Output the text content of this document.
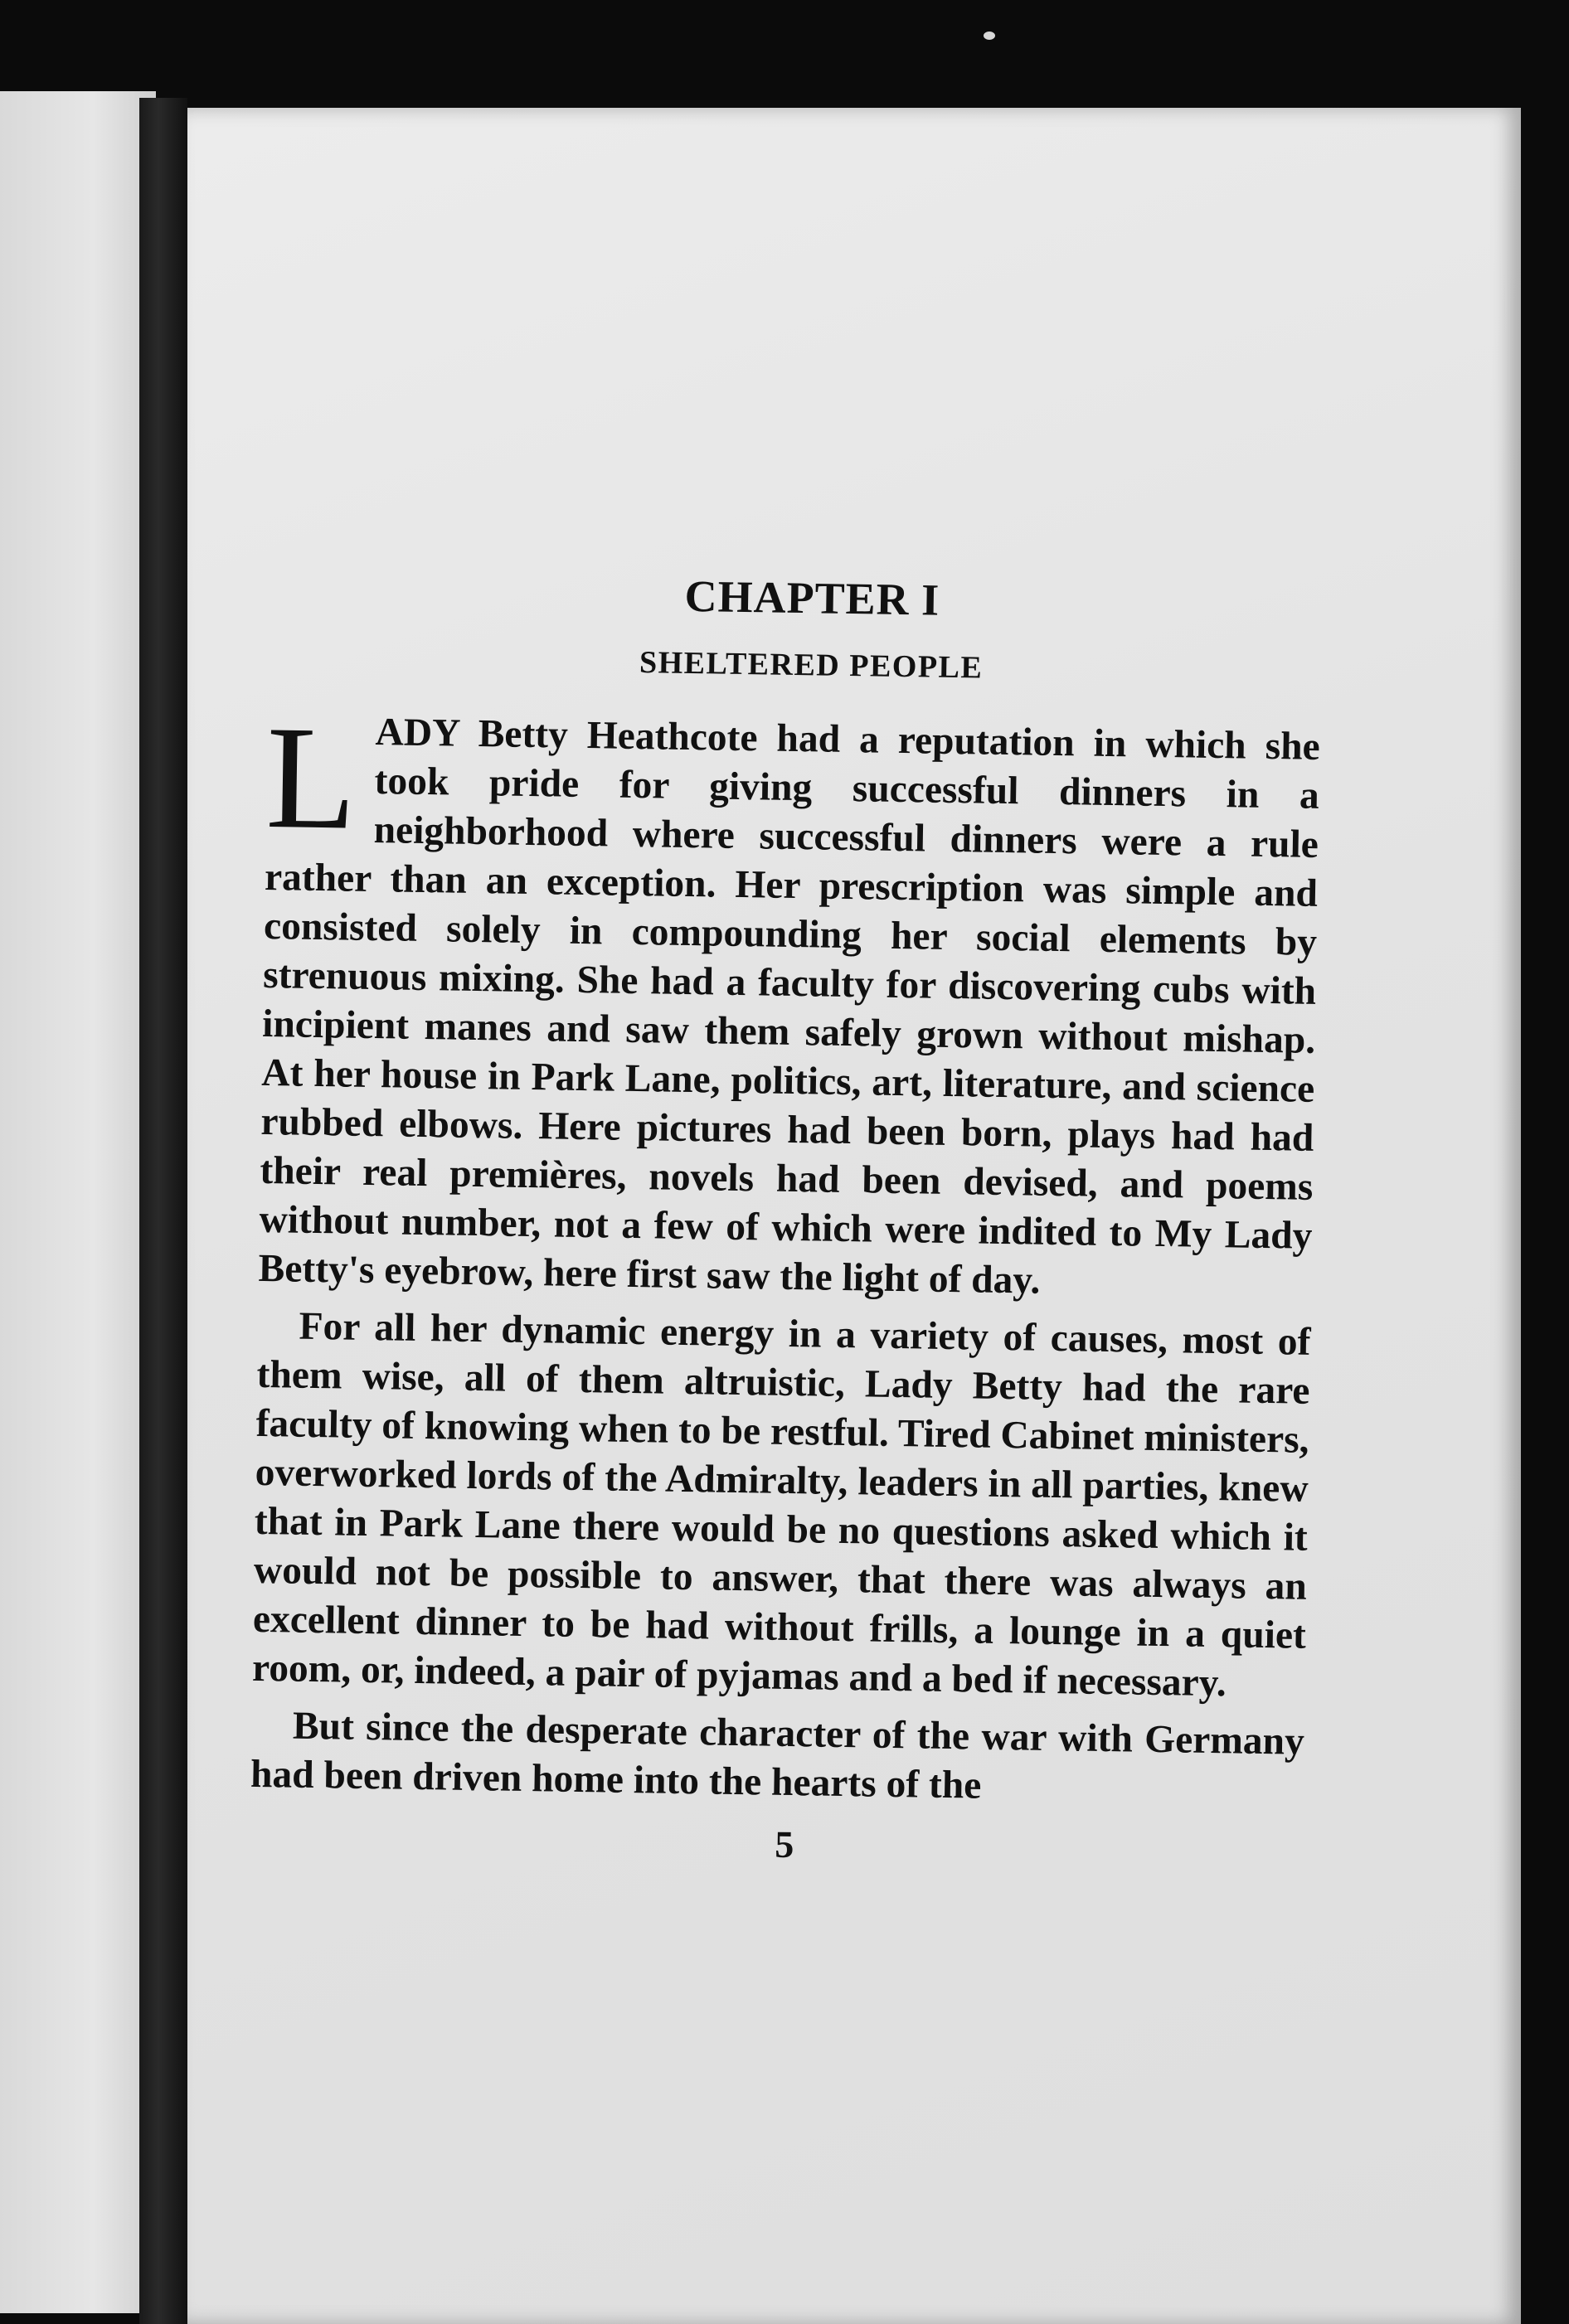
CHAPTER I
SHELTERED PEOPLE

LADY Betty Heathcote had a reputation in which she took pride for giving successful dinners in a neighborhood where successful dinners were a rule rather than an exception. Her prescription was simple and consisted solely in compounding her social elements by strenuous mixing. She had a faculty for discovering cubs with incipient manes and saw them safely grown without mishap. At her house in Park Lane, politics, art, literature, and science rubbed elbows. Here pictures had been born, plays had had their real premières, novels had been devised, and poems without number, not a few of which were indited to My Lady Betty's eyebrow, here first saw the light of day.

For all her dynamic energy in a variety of causes, most of them wise, all of them altruistic, Lady Betty had the rare faculty of knowing when to be restful. Tired Cabinet ministers, overworked lords of the Admiralty, leaders in all parties, knew that in Park Lane there would be no questions asked which it would not be possible to answer, that there was always an excellent dinner to be had without frills, a lounge in a quiet room, or, indeed, a pair of pyjamas and a bed if necessary.

But since the desperate character of the war with Germany had been driven home into the hearts of the

5
